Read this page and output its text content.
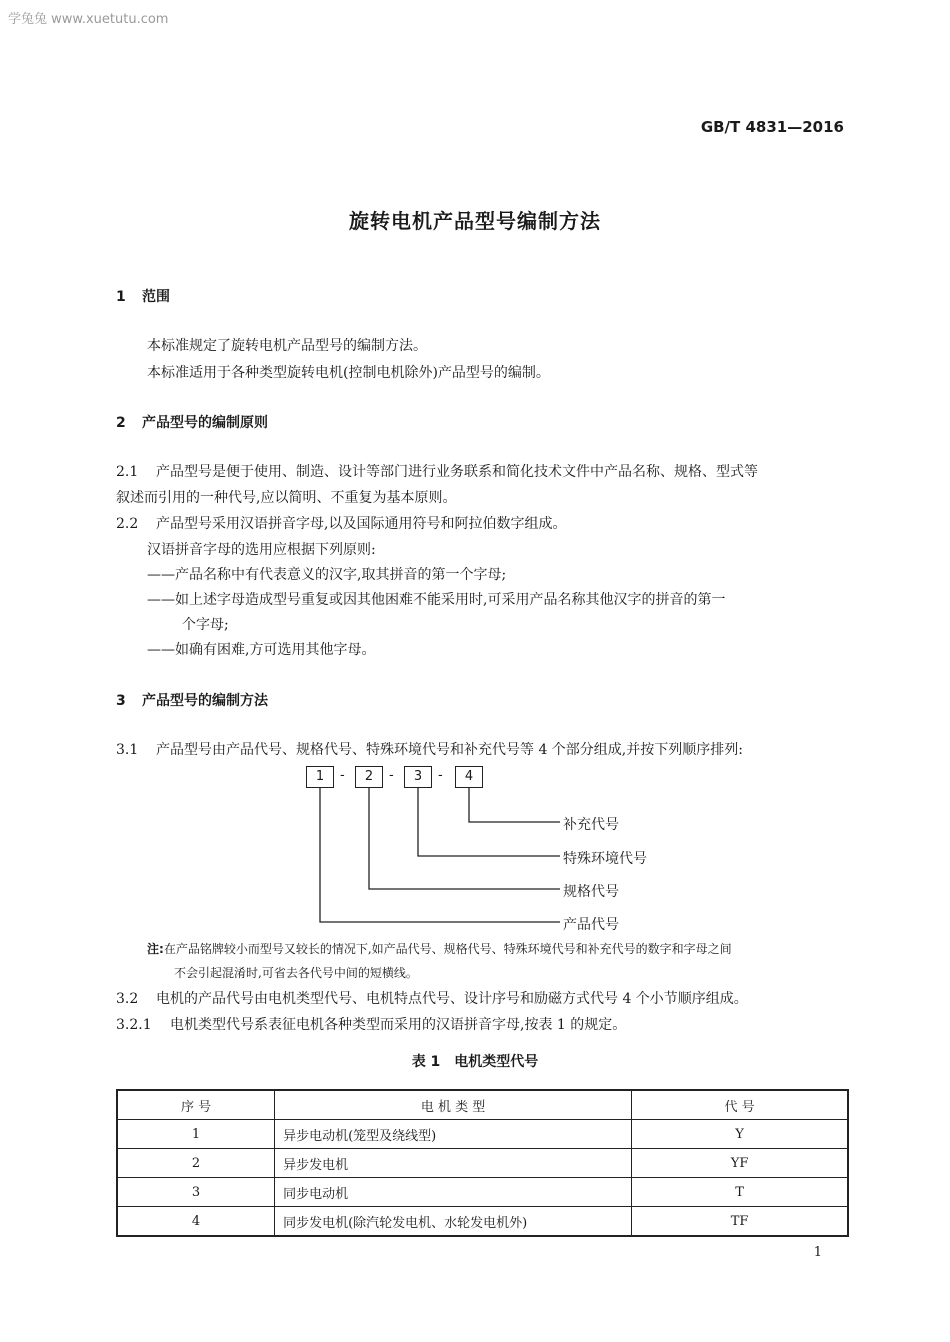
学兔兔 www.xuetutu.com
GB/T 4831—2016
旋转电机产品型号编制方法
1 范围
本标准规定了旋转电机产品型号的编制方法。
本标准适用于各种类型旋转电机(控制电机除外)产品型号的编制。
2 产品型号的编制原则
2.1 产品型号是便于使用、制造、设计等部门进行业务联系和简化技术文件中产品名称、规格、型式等
叙述而引用的一种代号,应以简明、不重复为基本原则。
2.2 产品型号采用汉语拼音字母,以及国际通用符号和阿拉伯数字组成。
汉语拼音字母的选用应根据下列原则:
——产品名称中有代表意义的汉字,取其拼音的第一个字母;
——如上述字母造成型号重复或因其他困难不能采用时,可采用产品名称其他汉字的拼音的第一
个字母;
——如确有困难,方可选用其他字母。
3 产品型号的编制方法
3.1 产品型号由产品代号、规格代号、特殊环境代号和补充代号等 4 个部分组成,并按下列顺序排列:
1	-	2	-	3	-	4
补充代号
特殊环境代号
规格代号
产品代号
注:在产品铭牌较小而型号又较长的情况下,如产品代号、规格代号、特殊环境代号和补充代号的数字和字母之间
不会引起混淆时,可省去各代号中间的短横线。
3.2 电机的产品代号由电机类型代号、电机特点代号、设计序号和励磁方式代号 4 个小节顺序组成。
3.2.1 电机类型代号系表征电机各种类型而采用的汉语拼音字母,按表 1 的规定。
表 1　电机类型代号
序 号	电 机 类 型	代 号
1	异步电动机(笼型及绕线型)	Y
2	异步发电机	YF
3	同步电动机	T
4	同步发电机(除汽轮发电机、水轮发电机外)	TF
1
